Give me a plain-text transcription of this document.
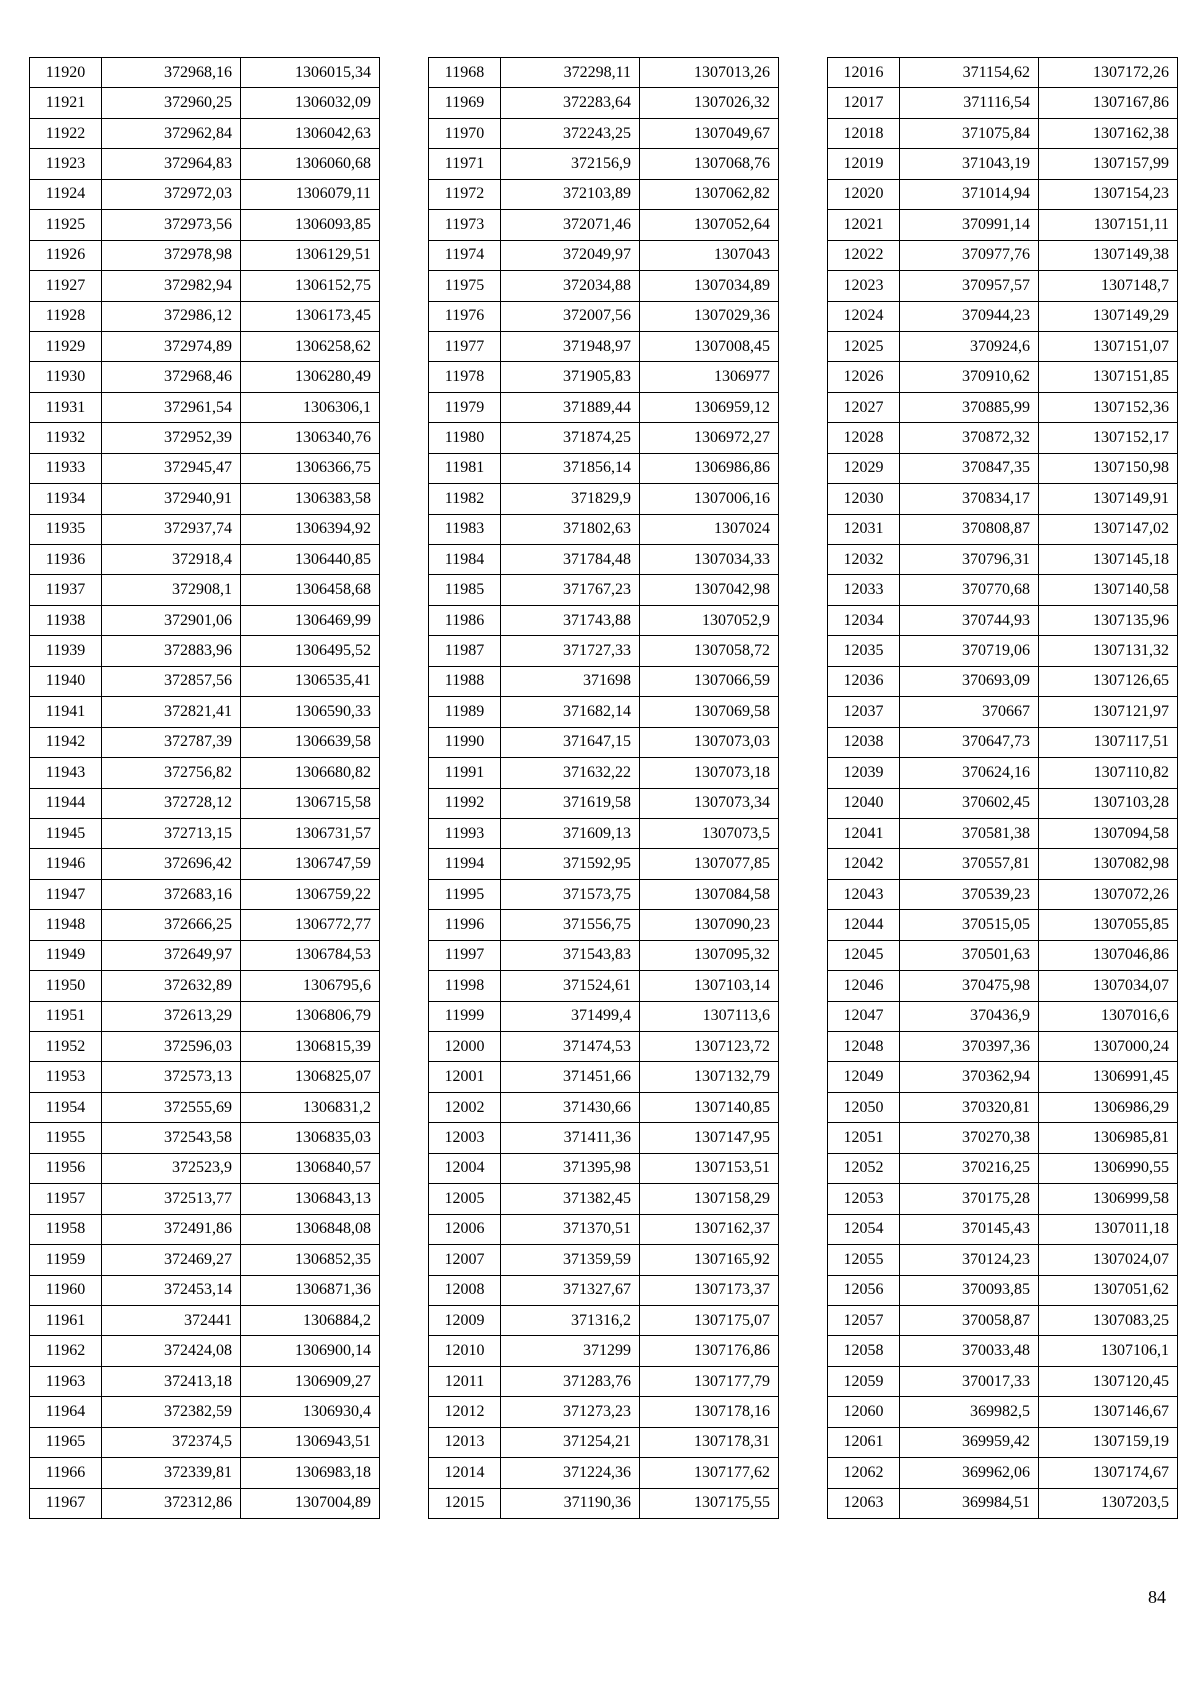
11920	372968,16	1306015,34
11921	372960,25	1306032,09
11922	372962,84	1306042,63
11923	372964,83	1306060,68
11924	372972,03	1306079,11
11925	372973,56	1306093,85
11926	372978,98	1306129,51
11927	372982,94	1306152,75
11928	372986,12	1306173,45
11929	372974,89	1306258,62
11930	372968,46	1306280,49
11931	372961,54	1306306,1
11932	372952,39	1306340,76
11933	372945,47	1306366,75
11934	372940,91	1306383,58
11935	372937,74	1306394,92
11936	372918,4	1306440,85
11937	372908,1	1306458,68
11938	372901,06	1306469,99
11939	372883,96	1306495,52
11940	372857,56	1306535,41
11941	372821,41	1306590,33
11942	372787,39	1306639,58
11943	372756,82	1306680,82
11944	372728,12	1306715,58
11945	372713,15	1306731,57
11946	372696,42	1306747,59
11947	372683,16	1306759,22
11948	372666,25	1306772,77
11949	372649,97	1306784,53
11950	372632,89	1306795,6
11951	372613,29	1306806,79
11952	372596,03	1306815,39
11953	372573,13	1306825,07
11954	372555,69	1306831,2
11955	372543,58	1306835,03
11956	372523,9	1306840,57
11957	372513,77	1306843,13
11958	372491,86	1306848,08
11959	372469,27	1306852,35
11960	372453,14	1306871,36
11961	372441	1306884,2
11962	372424,08	1306900,14
11963	372413,18	1306909,27
11964	372382,59	1306930,4
11965	372374,5	1306943,51
11966	372339,81	1306983,18
11967	372312,86	1307004,89
11968	372298,11	1307013,26
11969	372283,64	1307026,32
11970	372243,25	1307049,67
11971	372156,9	1307068,76
11972	372103,89	1307062,82
11973	372071,46	1307052,64
11974	372049,97	1307043
11975	372034,88	1307034,89
11976	372007,56	1307029,36
11977	371948,97	1307008,45
11978	371905,83	1306977
11979	371889,44	1306959,12
11980	371874,25	1306972,27
11981	371856,14	1306986,86
11982	371829,9	1307006,16
11983	371802,63	1307024
11984	371784,48	1307034,33
11985	371767,23	1307042,98
11986	371743,88	1307052,9
11987	371727,33	1307058,72
11988	371698	1307066,59
11989	371682,14	1307069,58
11990	371647,15	1307073,03
11991	371632,22	1307073,18
11992	371619,58	1307073,34
11993	371609,13	1307073,5
11994	371592,95	1307077,85
11995	371573,75	1307084,58
11996	371556,75	1307090,23
11997	371543,83	1307095,32
11998	371524,61	1307103,14
11999	371499,4	1307113,6
12000	371474,53	1307123,72
12001	371451,66	1307132,79
12002	371430,66	1307140,85
12003	371411,36	1307147,95
12004	371395,98	1307153,51
12005	371382,45	1307158,29
12006	371370,51	1307162,37
12007	371359,59	1307165,92
12008	371327,67	1307173,37
12009	371316,2	1307175,07
12010	371299	1307176,86
12011	371283,76	1307177,79
12012	371273,23	1307178,16
12013	371254,21	1307178,31
12014	371224,36	1307177,62
12015	371190,36	1307175,55
12016	371154,62	1307172,26
12017	371116,54	1307167,86
12018	371075,84	1307162,38
12019	371043,19	1307157,99
12020	371014,94	1307154,23
12021	370991,14	1307151,11
12022	370977,76	1307149,38
12023	370957,57	1307148,7
12024	370944,23	1307149,29
12025	370924,6	1307151,07
12026	370910,62	1307151,85
12027	370885,99	1307152,36
12028	370872,32	1307152,17
12029	370847,35	1307150,98
12030	370834,17	1307149,91
12031	370808,87	1307147,02
12032	370796,31	1307145,18
12033	370770,68	1307140,58
12034	370744,93	1307135,96
12035	370719,06	1307131,32
12036	370693,09	1307126,65
12037	370667	1307121,97
12038	370647,73	1307117,51
12039	370624,16	1307110,82
12040	370602,45	1307103,28
12041	370581,38	1307094,58
12042	370557,81	1307082,98
12043	370539,23	1307072,26
12044	370515,05	1307055,85
12045	370501,63	1307046,86
12046	370475,98	1307034,07
12047	370436,9	1307016,6
12048	370397,36	1307000,24
12049	370362,94	1306991,45
12050	370320,81	1306986,29
12051	370270,38	1306985,81
12052	370216,25	1306990,55
12053	370175,28	1306999,58
12054	370145,43	1307011,18
12055	370124,23	1307024,07
12056	370093,85	1307051,62
12057	370058,87	1307083,25
12058	370033,48	1307106,1
12059	370017,33	1307120,45
12060	369982,5	1307146,67
12061	369959,42	1307159,19
12062	369962,06	1307174,67
12063	369984,51	1307203,5
84
